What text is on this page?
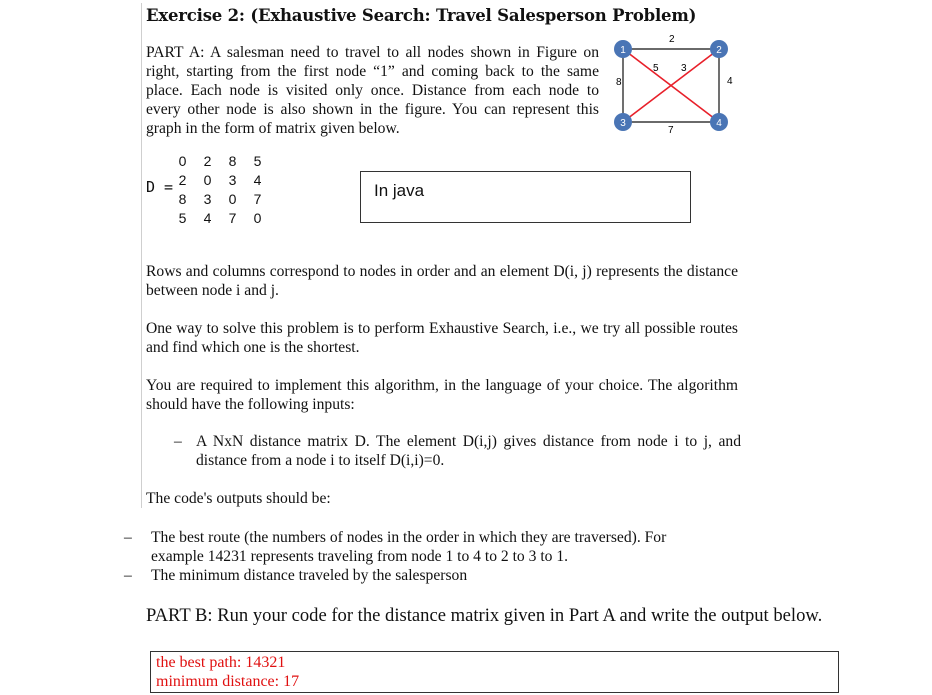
Exercise 2: (Exhaustive Search: Travel Salesperson Problem)
PART A: A salesman need to travel to all nodes shown in Figure on
right, starting from the first node “1” and coming back to the same
place. Each node is visited only once. Distance from each node to
every other node is also shown in the figure. You can represent this
graph in the form of matrix given below.
2
8
5 3
4
7
1	2
3	4
D =
0	2	8	5
2	0	3	4
8	3	0	7
5	4	7	0
In java
Rows and columns correspond to nodes in order and an element D(i, j) represents the distance between node i and j.
One way to solve this problem is to perform Exhaustive Search, i.e., we try all possible routes and find which one is the shortest.
You are required to implement this algorithm, in the language of your choice. The algorithm should have the following inputs:
– A NxN distance matrix D. The element D(i,j) gives distance from node i to j, and distance from a node i to itself D(i,i)=0.
The code's outputs should be:
– The best route (the numbers of nodes in the order in which they are traversed). For example 14231 represents traveling from node 1 to 4 to 2 to 3 to 1.
– The minimum distance traveled by the salesperson
PART B: Run your code for the distance matrix given in Part A and write the output below.
the best path: 14321
minimum distance: 17
